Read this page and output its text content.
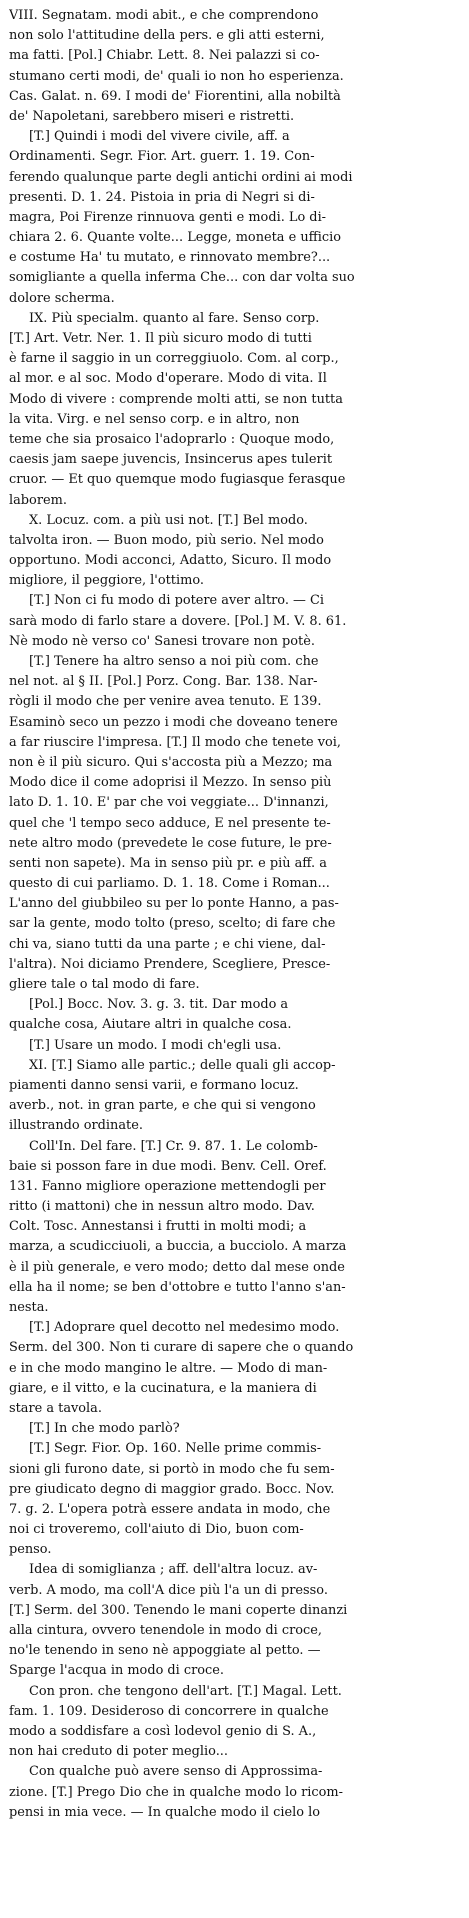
VIII. Segnatam. modi abit., e che comprendono
non solo l'attitudine della pers. e gli atti esterni,
ma fatti. [Pol.] Chiabr. Lett. 8. Nei palazzi si co-
stumano certi modi, de' quali io non ho esperienza.
Cas. Galat. n. 69. I modi de' Fiorentini, alla nobiltà
de' Napoletani, sarebbero miseri e ristretti.
[T.] Quindi i modi del vivere civile, aff. a
Ordinamenti. Segr. Fior. Art. guerr. 1. 19. Con-
ferendo qualunque parte degli antichi ordini ai modi
presenti. D. 1. 24. Pistoia in pria di Negri si di-
magra, Poi Firenze rinnuova genti e modi. Lo di-
chiara 2. 6. Quante volte... Legge, moneta e ufficio
e costume Ha' tu mutato, e rinnovato membre?...
somigliante a quella inferma Che... con dar volta suo
dolore scherma.
IX. Più specialm. quanto al fare. Senso corp.
[T.] Art. Vetr. Ner. 1. Il più sicuro modo di tutti
è farne il saggio in un correggiuolo. Com. al corp.,
al mor. e al soc. Modo d'operare. Modo di vita. Il
Modo di vivere : comprende molti atti, se non tutta
la vita. Virg. e nel senso corp. e in altro, non
teme che sia prosaico l'adoprarlo : Quoque modo,
caesis jam saepe juvencis, Insincerus apes tulerit
cruor. — Et quo quemque modo fugiasque ferasque
laborem.
X. Locuz. com. a più usi not. [T.] Bel modo.
talvolta iron. — Buon modo, più serio. Nel modo
opportuno. Modi acconci, Adatto, Sicuro. Il modo
migliore, il peggiore, l'ottimo.
[T.] Non ci fu modo di potere aver altro. — Ci
sarà modo di farlo stare a dovere. [Pol.] M. V. 8. 61.
Nè modo nè verso co' Sanesi trovare non potè.
[T.] Tenere ha altro senso a noi più com. che
nel not. al § II. [Pol.] Porz. Cong. Bar. 138. Nar-
rògli il modo che per venire avea tenuto. E 139.
Esaminò seco un pezzo i modi che doveano tenere
a far riuscire l'impresa. [T.] Il modo che tenete voi,
non è il più sicuro. Qui s'accosta più a Mezzo; ma
Modo dice il come adoprisi il Mezzo. In senso più
lato D. 1. 10. E' par che voi veggiate... D'innanzi,
quel che 'l tempo seco adduce, E nel presente te-
nete altro modo (prevedete le cose future, le pre-
senti non sapete). Ma in senso più pr. e più aff. a
questo di cui parliamo. D. 1. 18. Come i Roman...
L'anno del giubbileo su per lo ponte Hanno, a pas-
sar la gente, modo tolto (preso, scelto; di fare che
chi va, siano tutti da una parte ; e chi viene, dal-
l'altra). Noi diciamo Prendere, Scegliere, Presce-
gliere tale o tal modo di fare.
[Pol.] Bocc. Nov. 3. g. 3. tit. Dar modo a
qualche cosa, Aiutare altri in qualche cosa.
[T.] Usare un modo. I modi ch'egli usa.
XI. [T.] Siamo alle partic.; delle quali gli accop-
piamenti danno sensi varii, e formano locuz.
averb., not. in gran parte, e che qui si vengono
illustrando ordinate.
Coll'In. Del fare. [T.] Cr. 9. 87. 1. Le colomb-
baie si posson fare in due modi. Benv. Cell. Oref.
131. Fanno migliore operazione mettendogli per
ritto (i mattoni) che in nessun altro modo. Dav.
Colt. Tosc. Annestansi i frutti in molti modi; a
marza, a scudicciuoli, a buccia, a bucciolo. A marza
è il più generale, e vero modo; detto dal mese onde
ella ha il nome; se ben d'ottobre e tutto l'anno s'an-
nesta.
[T.] Adoprare quel decotto nel medesimo modo.
Serm. del 300. Non ti curare di sapere che o quando
e in che modo mangino le altre. — Modo di man-
giare, e il vitto, e la cucinatura, e la maniera di
stare a tavola.
[T.] In che modo parlò?
[T.] Segr. Fior. Op. 160. Nelle prime commis-
sioni gli furono date, si portò in modo che fu sem-
pre giudicato degno di maggior grado. Bocc. Nov.
7. g. 2. L'opera potrà essere andata in modo, che
noi ci troveremo, coll'aiuto di Dio, buon com-
penso.
Idea di somiglianza ; aff. dell'altra locuz. av-
verb. A modo, ma coll'A dice più l'a un di presso.
[T.] Serm. del 300. Tenendo le mani coperte dinanzi
alla cintura, ovvero tenendole in modo di croce,
no'le tenendo in seno nè appoggiate al petto. —
Sparge l'acqua in modo di croce.
Con pron. che tengono dell'art. [T.] Magal. Lett.
fam. 1. 109. Desideroso di concorrere in qualche
modo a soddisfare a così lodevol genio di S. A.,
non hai creduto di poter meglio...
Con qualche può avere senso di Approssima-
zione. [T.] Prego Dio che in qualche modo lo ricom-
pensi in mia vece. — In qualche modo il cielo lo
